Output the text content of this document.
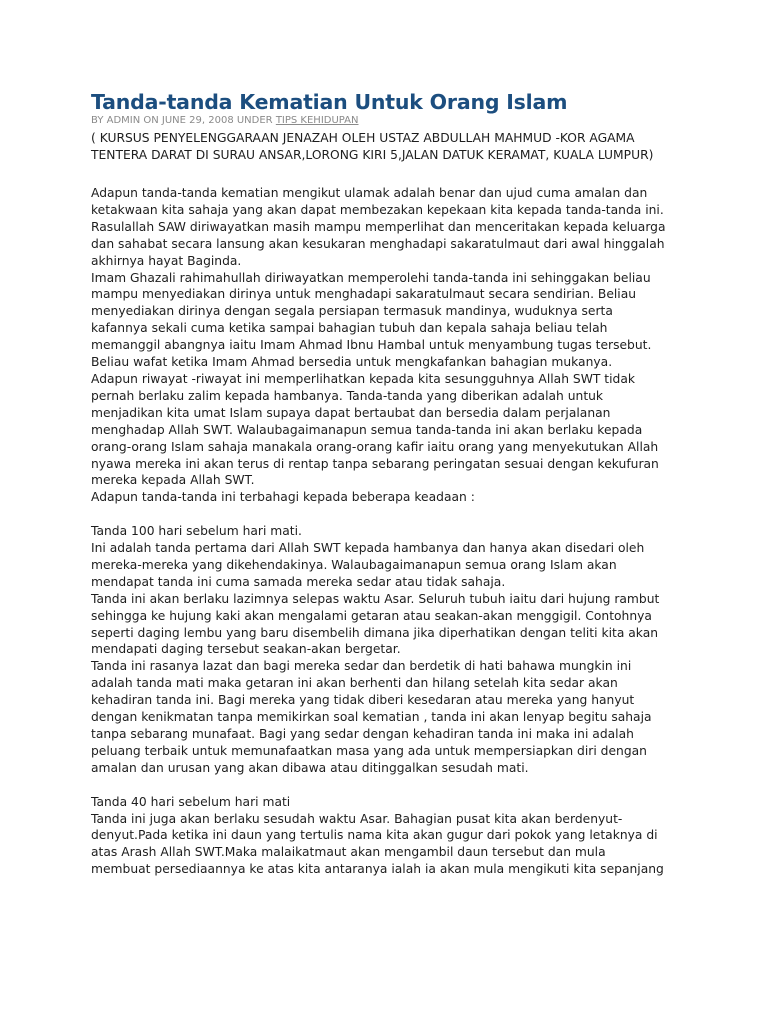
Tanda-tanda Kematian Untuk Orang Islam
BY ADMIN ON JUNE 29, 2008 UNDER TIPS KEHIDUPAN
( KURSUS PENYELENGGARAAN JENAZAH OLEH USTAZ ABDULLAH MAHMUD -KOR AGAMA
TENTERA DARAT DI SURAU ANSAR,LORONG KIRI 5,JALAN DATUK KERAMAT, KUALA LUMPUR)
Adapun tanda-tanda kematian mengikut ulamak adalah benar dan ujud cuma amalan dan
ketakwaan kita sahaja yang akan dapat membezakan kepekaan kita kepada tanda-tanda ini.
Rasulallah SAW diriwayatkan masih mampu memperlihat dan menceritakan kepada keluarga
dan sahabat secara lansung akan kesukaran menghadapi sakaratulmaut dari awal hinggalah
akhirnya hayat Baginda.
Imam Ghazali rahimahullah diriwayatkan memperolehi tanda-tanda ini sehinggakan beliau
mampu menyediakan dirinya untuk menghadapi sakaratulmaut secara sendirian. Beliau
menyediakan dirinya dengan segala persiapan termasuk mandinya, wuduknya serta
kafannya sekali cuma ketika sampai bahagian tubuh dan kepala sahaja beliau telah
memanggil abangnya iaitu Imam Ahmad Ibnu Hambal untuk menyambung tugas tersebut.
Beliau wafat ketika Imam Ahmad bersedia untuk mengkafankan bahagian mukanya.
Adapun riwayat -riwayat ini memperlihatkan kepada kita sesungguhnya Allah SWT tidak
pernah berlaku zalim kepada hambanya. Tanda-tanda yang diberikan adalah untuk
menjadikan kita umat Islam supaya dapat bertaubat dan bersedia dalam perjalanan
menghadap Allah SWT. Walaubagaimanapun semua tanda-tanda ini akan berlaku kepada
orang-orang Islam sahaja manakala orang-orang kafir iaitu orang yang menyekutukan Allah
nyawa mereka ini akan terus di rentap tanpa sebarang peringatan sesuai dengan kekufuran
mereka kepada Allah SWT.
Adapun tanda-tanda ini terbahagi kepada beberapa keadaan :
Tanda 100 hari sebelum hari mati.
Ini adalah tanda pertama dari Allah SWT kepada hambanya dan hanya akan disedari oleh
mereka-mereka yang dikehendakinya. Walaubagaimanapun semua orang Islam akan
mendapat tanda ini cuma samada mereka sedar atau tidak sahaja.
Tanda ini akan berlaku lazimnya selepas waktu Asar. Seluruh tubuh iaitu dari hujung rambut
sehingga ke hujung kaki akan mengalami getaran atau seakan-akan menggigil. Contohnya
seperti daging lembu yang baru disembelih dimana jika diperhatikan dengan teliti kita akan
mendapati daging tersebut seakan-akan bergetar.
Tanda ini rasanya lazat dan bagi mereka sedar dan berdetik di hati bahawa mungkin ini
adalah tanda mati maka getaran ini akan berhenti dan hilang setelah kita sedar akan
kehadiran tanda ini. Bagi mereka yang tidak diberi kesedaran atau mereka yang hanyut
dengan kenikmatan tanpa memikirkan soal kematian , tanda ini akan lenyap begitu sahaja
tanpa sebarang munafaat. Bagi yang sedar dengan kehadiran tanda ini maka ini adalah
peluang terbaik untuk memunafaatkan masa yang ada untuk mempersiapkan diri dengan
amalan dan urusan yang akan dibawa atau ditinggalkan sesudah mati.
Tanda 40 hari sebelum hari mati
Tanda ini juga akan berlaku sesudah waktu Asar. Bahagian pusat kita akan berdenyut-
denyut.Pada ketika ini daun yang tertulis nama kita akan gugur dari pokok yang letaknya di
atas Arash Allah SWT.Maka malaikatmaut akan mengambil daun tersebut dan mula
membuat persediaannya ke atas kita antaranya ialah ia akan mula mengikuti kita sepanjang
